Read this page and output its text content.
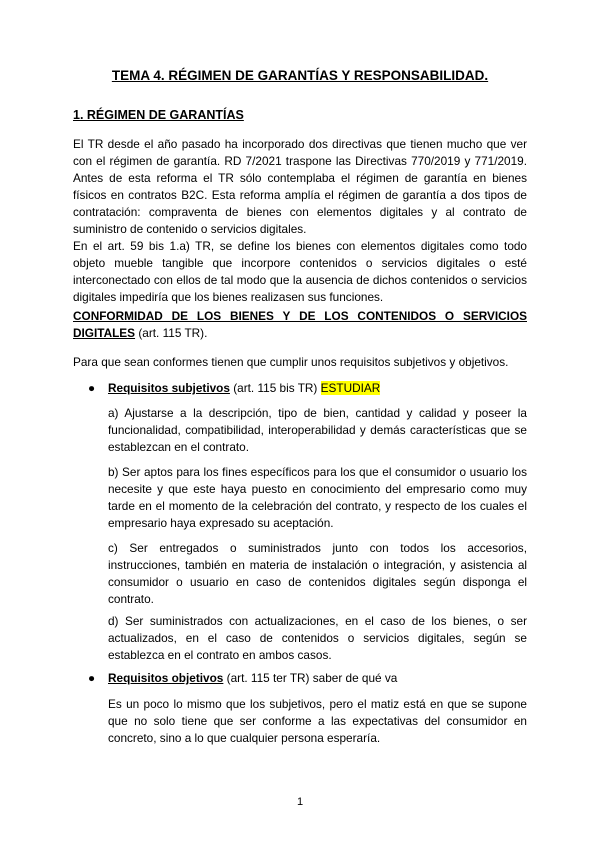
TEMA 4. RÉGIMEN DE GARANTÍAS Y RESPONSABILIDAD.
1. RÉGIMEN DE GARANTÍAS

El TR desde el año pasado ha incorporado dos directivas que tienen mucho que ver con el régimen de garantía. RD 7/2021 traspone las Directivas 770/2019 y 771/2019. Antes de esta reforma el TR sólo contemplaba el régimen de garantía en bienes físicos en contratos B2C. Esta reforma amplía el régimen de garantía a dos tipos de contratación: compraventa de bienes con elementos digitales y al contrato de suministro de contenido o servicios digitales.

En el art. 59 bis 1.a) TR, se define los bienes con elementos digitales como todo objeto mueble tangible que incorpore contenidos o servicios digitales o esté interconectado con ellos de tal modo que la ausencia de dichos contenidos o servicios digitales impediría que los bienes realizasen sus funciones.

CONFORMIDAD DE LOS BIENES Y DE LOS CONTENIDOS O SERVICIOS DIGITALES (art. 115 TR).

Para que sean conformes tienen que cumplir unos requisitos subjetivos y objetivos.

● Requisitos subjetivos (art. 115 bis TR) ESTUDIAR

a) Ajustarse a la descripción, tipo de bien, cantidad y calidad y poseer la funcionalidad, compatibilidad, interoperabilidad y demás características que se establezcan en el contrato.

b) Ser aptos para los fines específicos para los que el consumidor o usuario los necesite y que este haya puesto en conocimiento del empresario como muy tarde en el momento de la celebración del contrato, y respecto de los cuales el empresario haya expresado su aceptación.

c) Ser entregados o suministrados junto con todos los accesorios, instrucciones, también en materia de instalación o integración, y asistencia al consumidor o usuario en caso de contenidos digitales según disponga el contrato.

d) Ser suministrados con actualizaciones, en el caso de los bienes, o ser actualizados, en el caso de contenidos o servicios digitales, según se establezca en el contrato en ambos casos.

● Requisitos objetivos (art. 115 ter TR) saber de qué va

Es un poco lo mismo que los subjetivos, pero el matiz está en que se supone que no solo tiene que ser conforme a las expectativas del consumidor en concreto, sino a lo que cualquier persona esperaría.

1
